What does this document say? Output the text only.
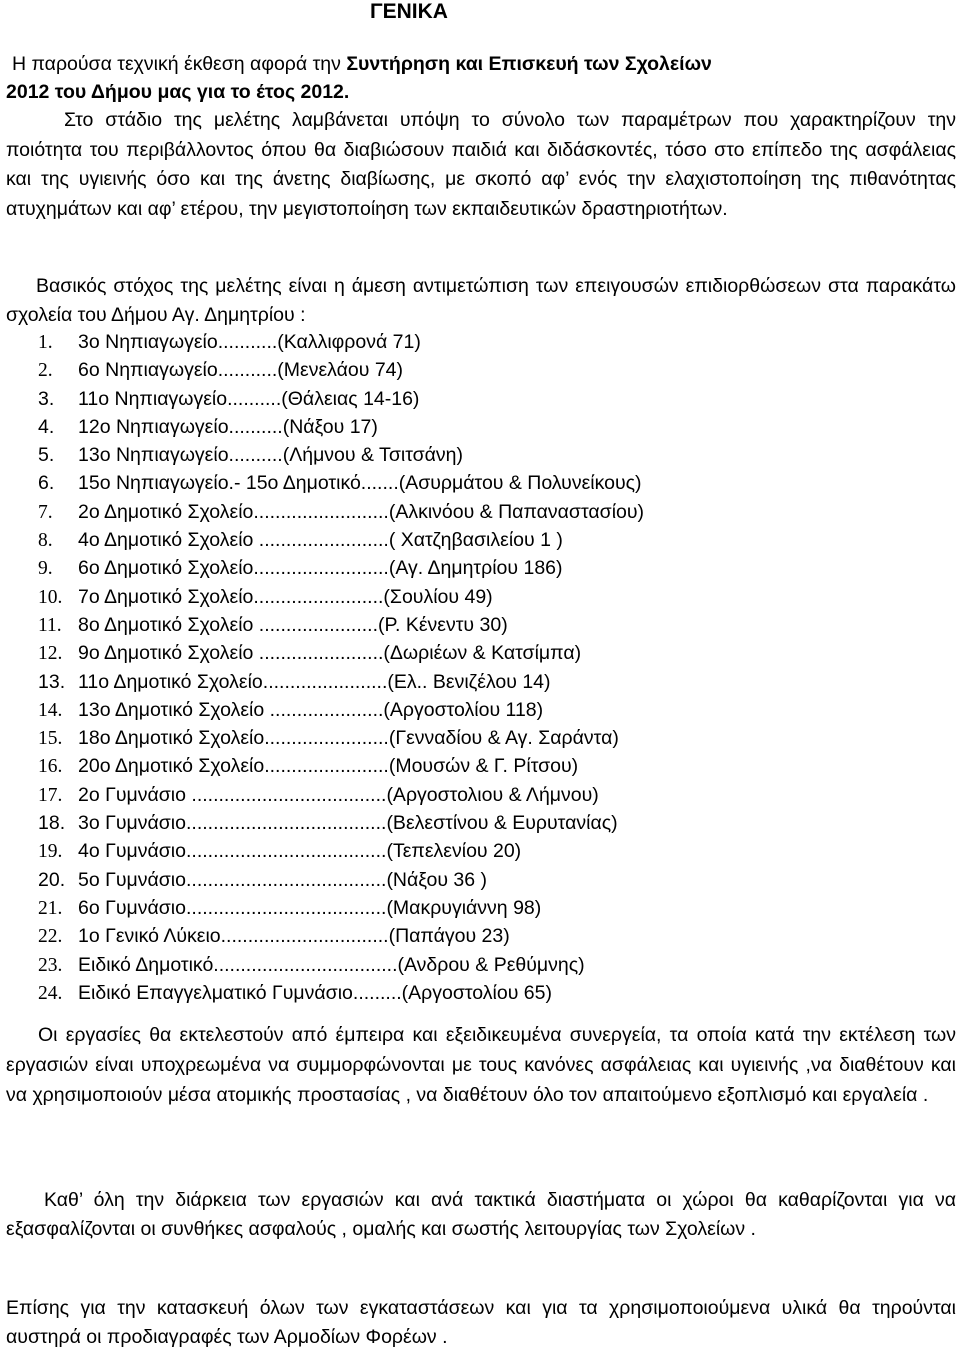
ΓΕΝΙΚΑ
Η παρούσα τεχνική έκθεση αφορά την Συντήρηση και Επισκευή των Σχολείων
2012 του Δήμου μας για το έτος 2012.
Στο στάδιο της μελέτης λαμβάνεται υπόψη το σύνολο των παραμέτρων που χαρακτηρίζουν την ποιότητα του περιβάλλοντος όπου θα διαβιώσουν παιδιά και διδάσκοντές, τόσο στο επίπεδο της ασφάλειας και της υγιεινής όσο και της άνετης διαβίωσης, με σκοπό αφ’ ενός την ελαχιστοποίηση της πιθανότητας ατυχημάτων και αφ’ ετέρου, την μεγιστοποίηση των εκπαιδευτικών δραστηριοτήτων.
Βασικός στόχος της μελέτης είναι η άμεση αντιμετώπιση των επειγουσών επιδιορθώσεων στα παρακάτω σχολεία του Δήμου Αγ. Δημητρίου :
1. 3ο Νηπιαγωγείο...........(Καλλιφρονά 71)
2. 6ο Νηπιαγωγείο...........(Μενελάου 74)
3. 11ο Νηπιαγωγείο..........(Θάλειας 14-16)
4. 12ο Νηπιαγωγείο..........(Νάξου 17)
5. 13ο Νηπιαγωγείο..........(Λήμνου & Τσιτσάνη)
6. 15ο Νηπιαγωγείο.- 15ο Δημοτικό.......(Ασυρμάτου & Πολυνείκους)
7. 2ο Δημοτικό Σχολείο.........................(Αλκινόου & Παπαναστασίου)
8. 4ο Δημοτικό Σχολείο ........................( Χατζηβασιλείου 1 )
9. 6ο Δημοτικό Σχολείο.........................(Αγ. Δημητρίου 186)
10. 7ο Δημοτικό Σχολείο........................(Σουλίου 49)
11. 8ο Δημοτικό Σχολείο ......................(Ρ. Κένεντυ 30)
12. 9ο Δημοτικό Σχολείο .......................(Δωριέων & Κατσίμπα)
13. 11ο Δημοτικό Σχολείο.......................(Ελ.. Βενιζέλου 14)
14. 13ο Δημοτικό Σχολείο .....................(Αργοστολίου 118)
15. 18ο Δημοτικό Σχολείο.......................(Γενναδίου & Αγ. Σαράντα)
16. 20ο Δημοτικό Σχολείο.......................(Μουσών & Γ. Ρίτσου)
17. 2ο Γυμνάσιο ....................................(Αργοστολιου & Λήμνου)
18. 3ο Γυμνάσιο.....................................(Βελεστίνου & Ευρυτανίας)
19. 4ο Γυμνάσιο.....................................(Τεπελενίου 20)
20. 5ο Γυμνάσιο.....................................(Νάξου 36 )
21. 6ο Γυμνάσιο.....................................(Μακρυγιάννη 98)
22. 1ο Γενικό Λύκειο...............................(Παπάγου 23)
23. Ειδικό Δημοτικό..................................(Ανδρου & Ρεθύμνης)
24. Ειδικό Επαγγελματικό Γυμνάσιο.........(Αργοστολίου 65)
Οι εργασίες θα εκτελεστούν από έμπειρα και εξειδικευμένα συνεργεία, τα οποία κατά την εκτέλεση των εργασιών είναι υποχρεωμένα να συμμορφώνονται με τους κανόνες ασφάλειας και υγιεινής ,να διαθέτουν και να χρησιμοποιούν μέσα ατομικής προστασίας , να διαθέτουν όλο τον απαιτούμενο εξοπλισμό και εργαλεία .
Καθ’ όλη την διάρκεια των εργασιών και ανά τακτικά διαστήματα οι χώροι θα καθαρίζονται για να εξασφαλίζονται οι συνθήκες ασφαλούς , ομαλής και σωστής λειτουργίας των Σχολείων .
Επίσης για την κατασκευή όλων των εγκαταστάσεων και για τα χρησιμοποιούμενα υλικά θα τηρούνται αυστηρά οι προδιαγραφές των Αρμοδίων Φορέων .
